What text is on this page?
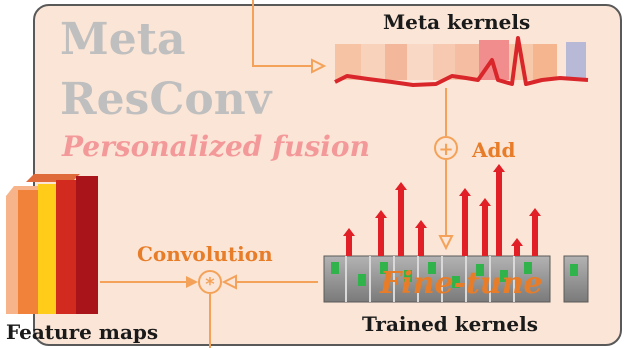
+
*
Meta
ResConv
Personalized fusion
Meta kernels
Add
Convolution
Feature maps	Trained kernels
Fine-tune
